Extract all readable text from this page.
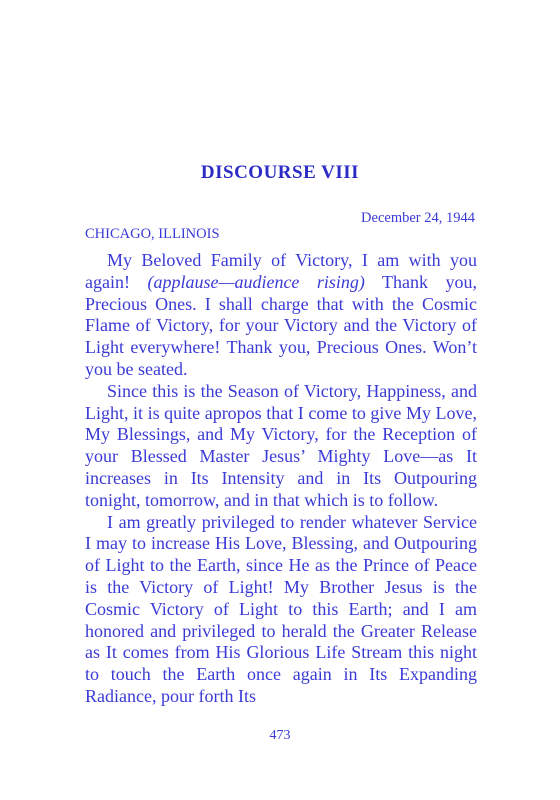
DISCOURSE VIII
December 24, 1944
CHICAGO, ILLINOIS

My Beloved Family of Victory, I am with you again! (applause—audience rising) Thank you, Precious Ones. I shall charge that with the Cosmic Flame of Victory, for your Victory and the Victory of Light everywhere! Thank you, Precious Ones. Won’t you be seated.

Since this is the Season of Victory, Happiness, and Light, it is quite apropos that I come to give My Love, My Blessings, and My Victory, for the Reception of your Blessed Master Jesus’ Mighty Love—as It increases in Its Intensity and in Its Outpouring tonight, tomorrow, and in that which is to follow.

I am greatly privileged to render whatever Service I may to increase His Love, Blessing, and Outpouring of Light to the Earth, since He as the Prince of Peace is the Victory of Light! My Brother Jesus is the Cosmic Victory of Light to this Earth; and I am honored and privileged to herald the Greater Release as It comes from His Glorious Life Stream this night to touch the Earth once again in Its Expanding Radiance, pour forth Its

473
